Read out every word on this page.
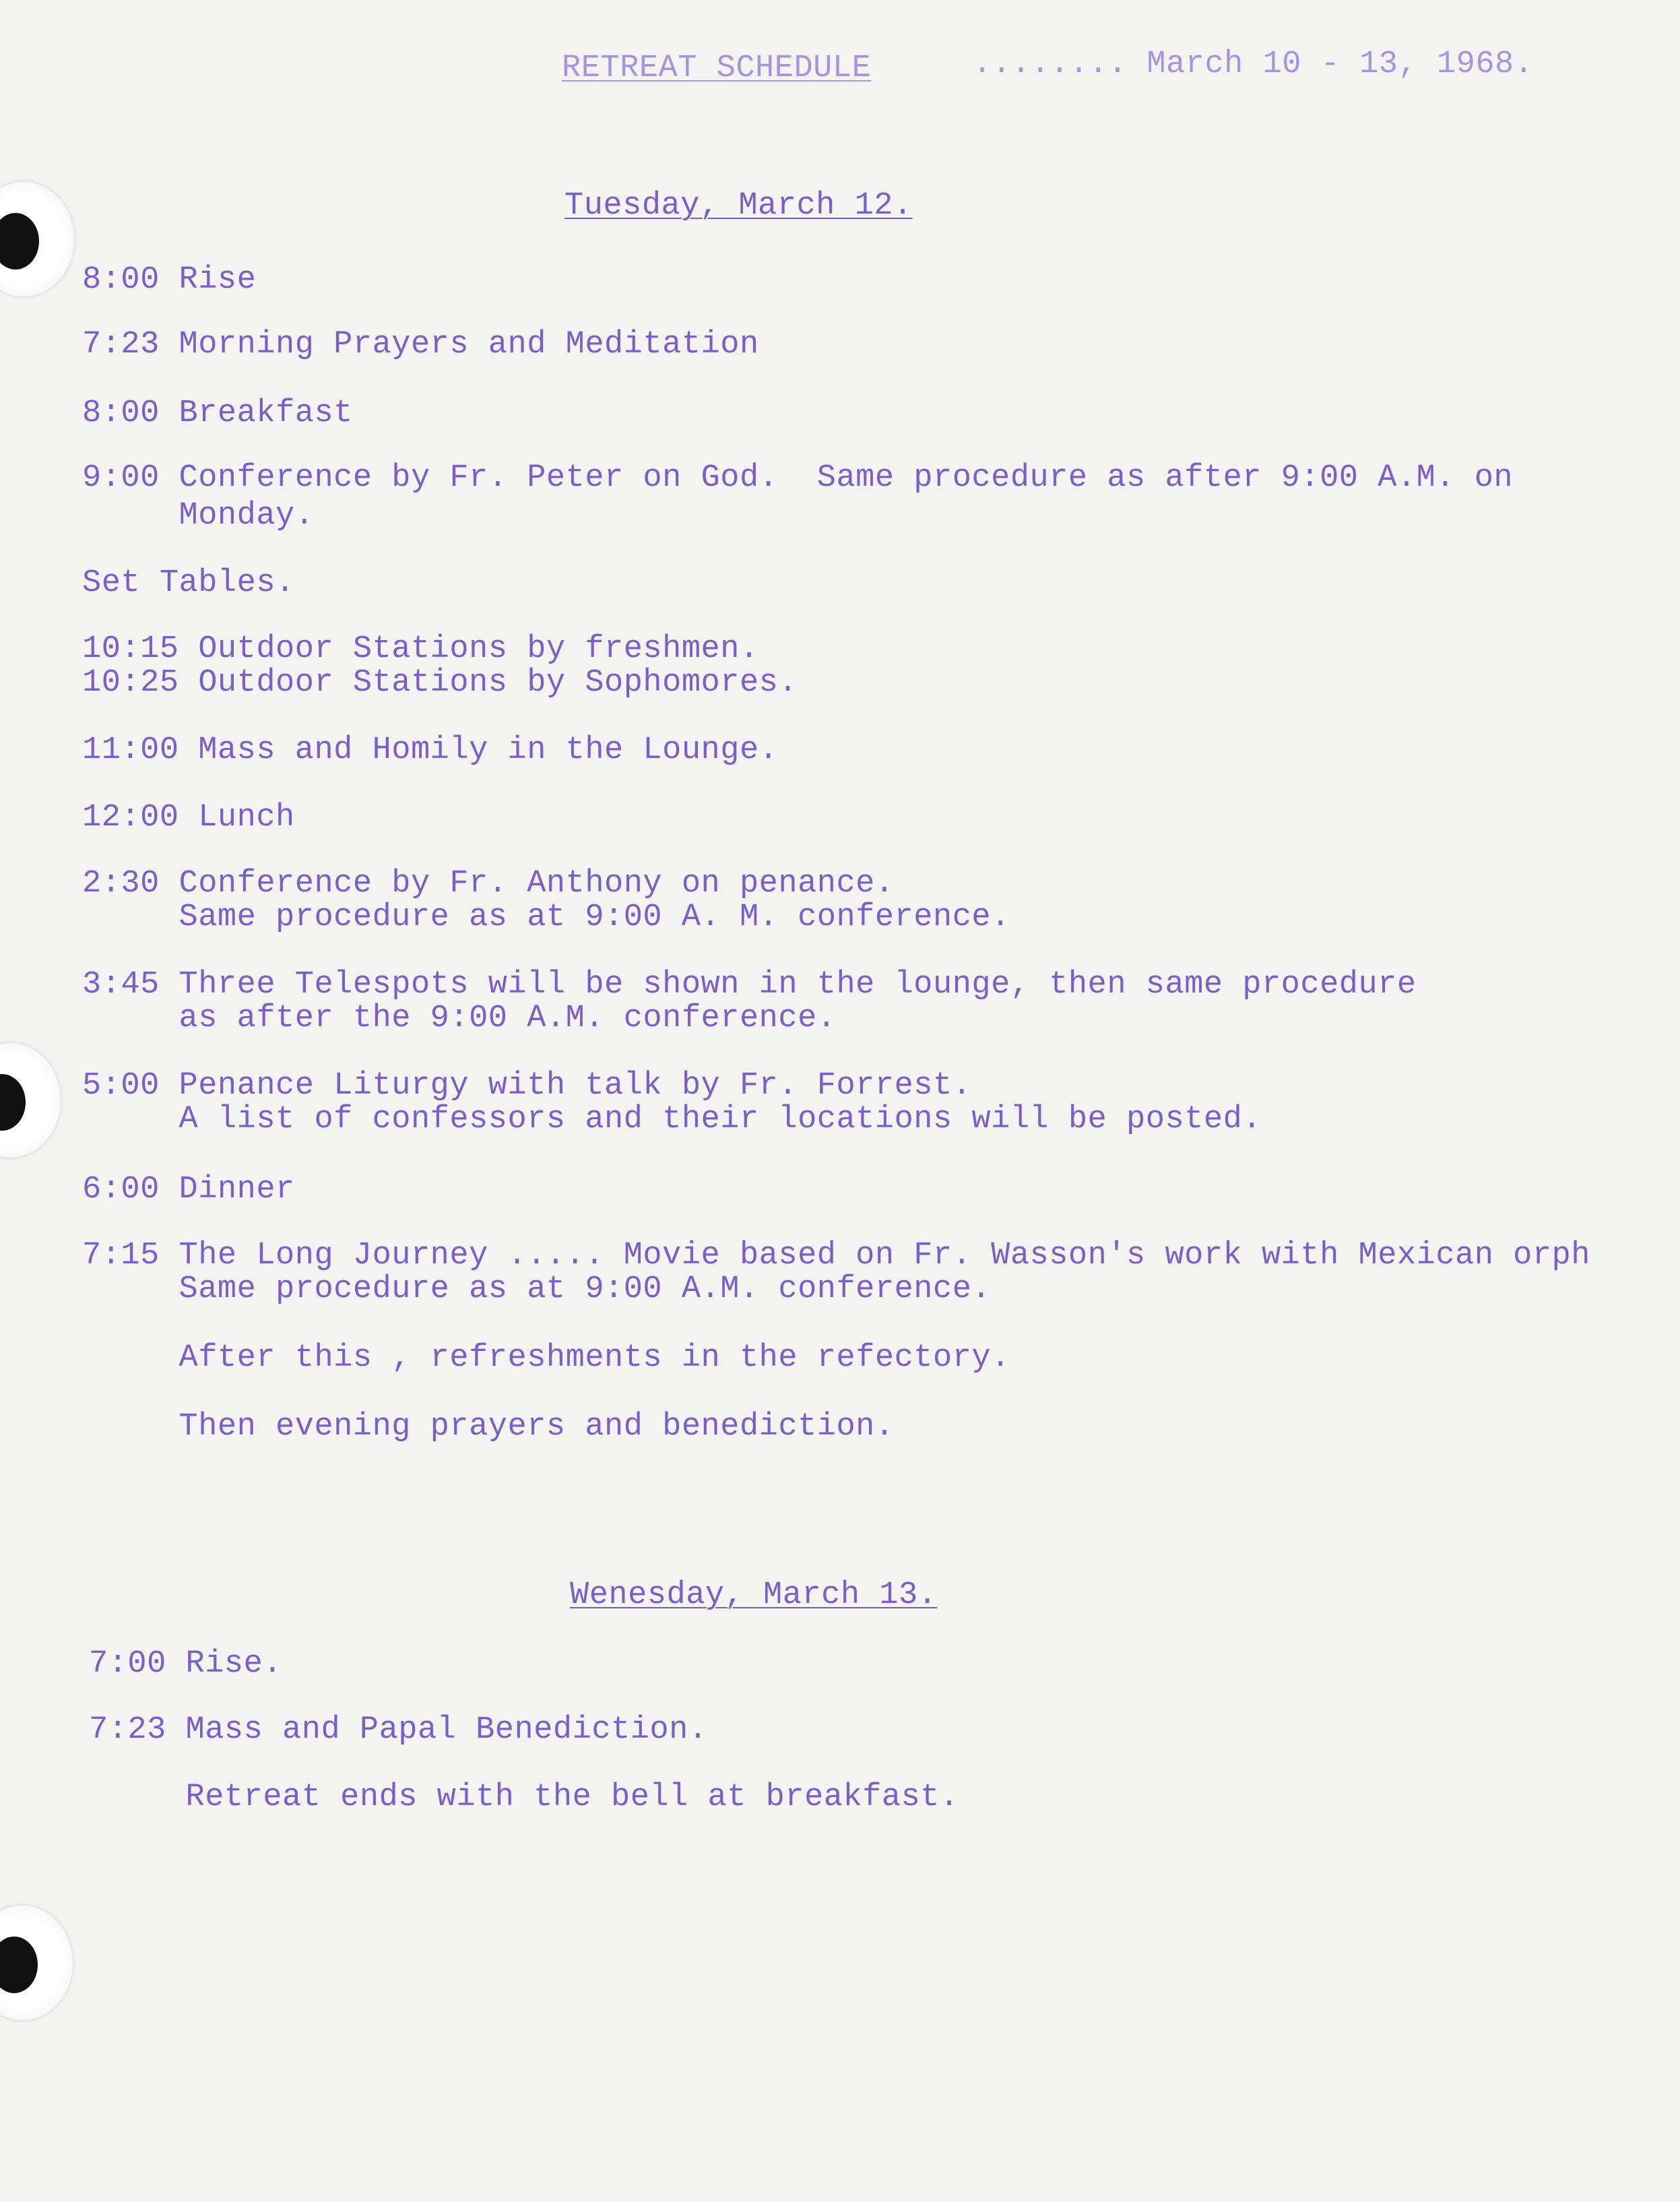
RETREAT SCHEDULE	........ March 10 - 13, 1968.
Tuesday, March 12.
8:00 Rise
7:23 Morning Prayers and Meditation
8:00 Breakfast
9:00 Conference by Fr. Peter on God.  Same procedure as after 9:00 A.M. on
Monday.
Set Tables.
10:15 Outdoor Stations by freshmen.
10:25 Outdoor Stations by Sophomores.
11:00 Mass and Homily in the Lounge.
12:00 Lunch
2:30 Conference by Fr. Anthony on penance.
Same procedure as at 9:00 A. M. conference.
3:45 Three Telespots will be shown in the lounge, then same procedure
as after the 9:00 A.M. conference.
5:00 Penance Liturgy with talk by Fr. Forrest.
A list of confessors and their locations will be posted.
6:00 Dinner
7:15 The Long Journey ..... Movie based on Fr. Wasson's work with Mexican orph
Same procedure as at 9:00 A.M. conference.
After this , refreshments in the refectory.
Then evening prayers and benediction.
Wenesday, March 13.
7:00 Rise.
7:23 Mass and Papal Benediction.
Retreat ends with the bell at breakfast.
